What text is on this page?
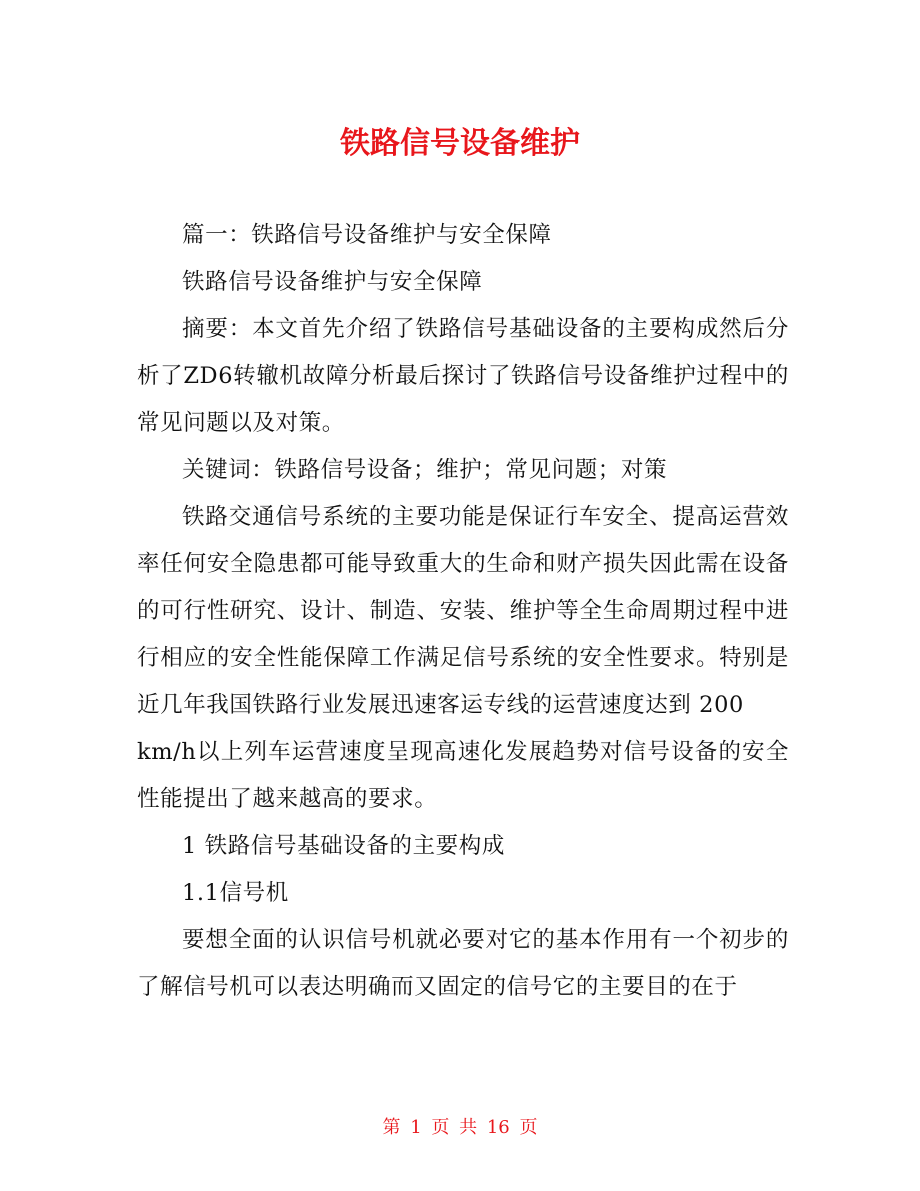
铁路信号设备维护

篇一：铁路信号设备维护与安全保障

铁路信号设备维护与安全保障

摘要：本文首先介绍了铁路信号基础设备的主要构成然后分析了ZD6转辙机故障分析最后探讨了铁路信号设备维护过程中的常见问题以及对策。

关键词：铁路信号设备；维护；常见问题；对策

铁路交通信号系统的主要功能是保证行车安全、提高运营效率任何安全隐患都可能导致重大的生命和财产损失因此需在设备的可行性研究、设计、制造、安装、维护等全生命周期过程中进行相应的安全性能保障工作满足信号系统的安全性要求。特别是近几年我国铁路行业发展迅速客运专线的运营速度达到 200

km/h以上列车运营速度呈现高速化发展趋势对信号设备的安全性能提出了越来越高的要求。

1 铁路信号基础设备的主要构成

1.1信号机

要想全面的认识信号机就必要对它的基本作用有一个初步的了解信号机可以表达明确而又固定的信号它的主要目的在于

第 1 页 共 16 页
